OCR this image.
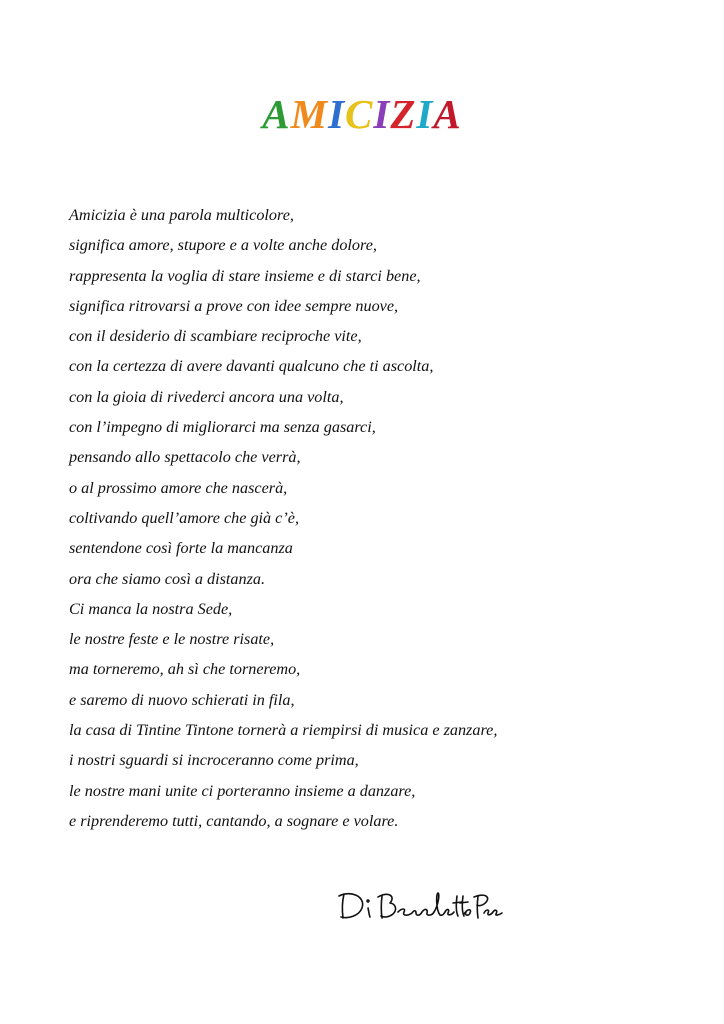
AMICIZIA
Amicizia è una parola multicolore,
significa amore, stupore e a volte anche dolore,
rappresenta la voglia di stare insieme e di starci bene,
significa ritrovarsi a prove con idee sempre nuove,
con il desiderio di scambiare reciproche vite,
con la certezza di avere davanti qualcuno che ti ascolta,
con la gioia di rivederci ancora una volta,
con l’impegno di migliorarci ma senza gasarci,
pensando allo spettacolo che verrà,
o al prossimo amore che nascerà,
coltivando quell’amore che già c’è,
sentendone così forte la mancanza
ora che siamo così a distanza.
Ci manca la nostra Sede,
le nostre feste e le nostre risate,
ma torneremo, ah sì che torneremo,
e saremo di nuovo schierati in fila,
la casa di Tintine Tintone tornerà a riempirsi di musica e zanzare,
i nostri sguardi si incroceranno come prima,
le nostre mani unite ci porteranno insieme a danzare,
e riprenderemo tutti, cantando, a sognare e volare.
